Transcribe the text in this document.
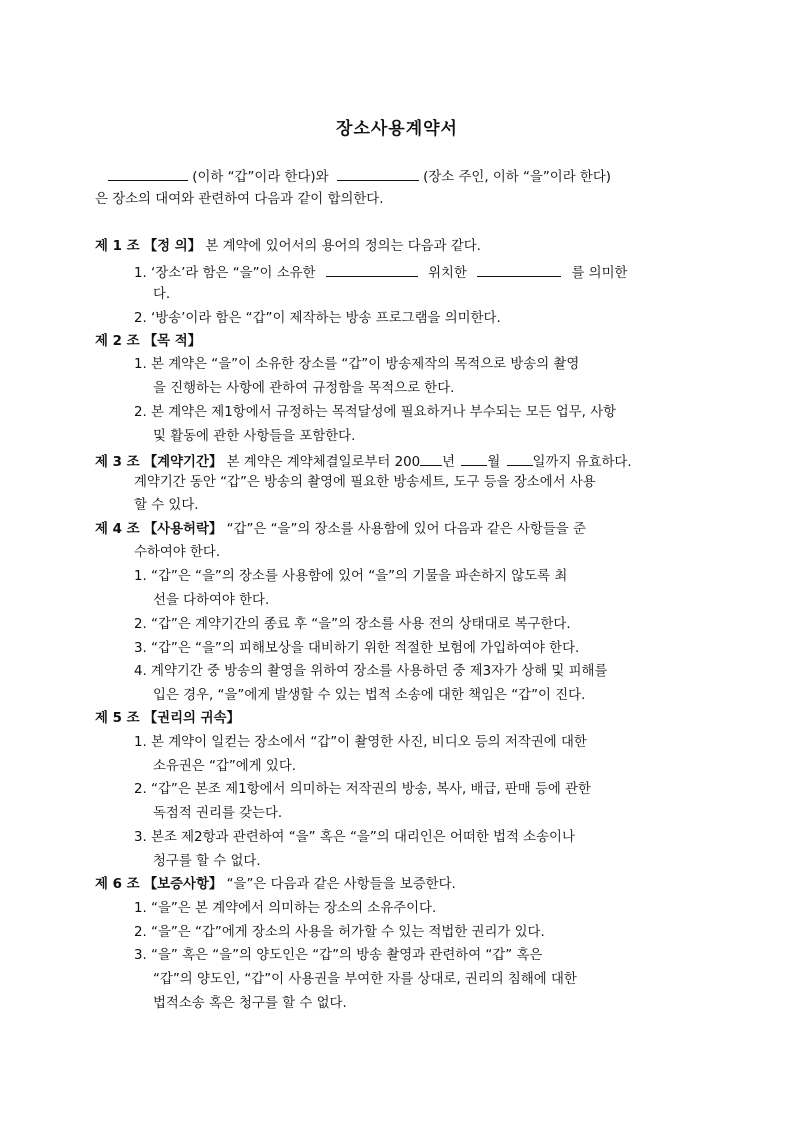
장소사용계약서
(이하 “갑”이라 한다)와	(장소 주인, 이하 “을”이라 한다)
은 장소의 대여와 관련하여 다음과 같이 합의한다.
제 1 조 【정 의】 본 계약에 있어서의 용어의 정의는 다음과 같다.
1. ‘장소’라 함은 “을”이 소유한	위치한	를 의미한
다.
2. ‘방송’이라 함은 “갑”이 제작하는 방송 프로그램을 의미한다.
제 2 조 【목 적】
1. 본 계약은 “을”이 소유한 장소를 “갑”이 방송제작의 목적으로 방송의 촬영
을 진행하는 사항에 관하여 규정함을 목적으로 한다.
2. 본 계약은 제1항에서 규정하는 목적달성에 필요하거나 부수되는 모든 업무, 사항
및 활동에 관한 사항들을 포함한다.
제 3 조 【계약기간】 본 계약은 계약체결일로부터 200 년 월 일까지 유효하다.
계약기간 동안 “갑”은 방송의 촬영에 필요한 방송세트, 도구 등을 장소에서 사용
할 수 있다.
제 4 조 【사용허락】 “갑”은 “을”의 장소를 사용함에 있어 다음과 같은 사항들을 준
수하여야 한다.
1. “갑”은 “을”의 장소를 사용함에 있어 “을”의 기물을 파손하지 않도록 최
선을 다하여야 한다.
2. “갑”은 계약기간의 종료 후 “을”의 장소를 사용 전의 상태대로 복구한다.
3. “갑”은 “을”의 피해보상을 대비하기 위한 적절한 보험에 가입하여야 한다.
4. 계약기간 중 방송의 촬영을 위하여 장소를 사용하던 중 제3자가 상해 및 피해를
입은 경우, “을”에게 발생할 수 있는 법적 소송에 대한 책임은 “갑”이 진다.
제 5 조 【권리의 귀속】
1. 본 계약이 일컫는 장소에서 “갑”이 촬영한 사진, 비디오 등의 저작권에 대한
소유권은 “갑”에게 있다.
2. “갑”은 본조 제1항에서 의미하는 저작권의 방송, 복사, 배급, 판매 등에 관한
독점적 권리를 갖는다.
3. 본조 제2항과 관련하여 “을” 혹은 “을”의 대리인은 어떠한 법적 소송이나
청구를 할 수 없다.
제 6 조 【보증사항】 “을”은 다음과 같은 사항들을 보증한다.
1. “을”은 본 계약에서 의미하는 장소의 소유주이다.
2. “을”은 “갑”에게 장소의 사용을 허가할 수 있는 적법한 권리가 있다.
3. “을” 혹은 “을”의 양도인은 “갑”의 방송 촬영과 관련하여 “갑” 혹은
“갑”의 양도인, “갑”이 사용권을 부여한 자를 상대로, 권리의 침해에 대한
법적소송 혹은 청구를 할 수 없다.
